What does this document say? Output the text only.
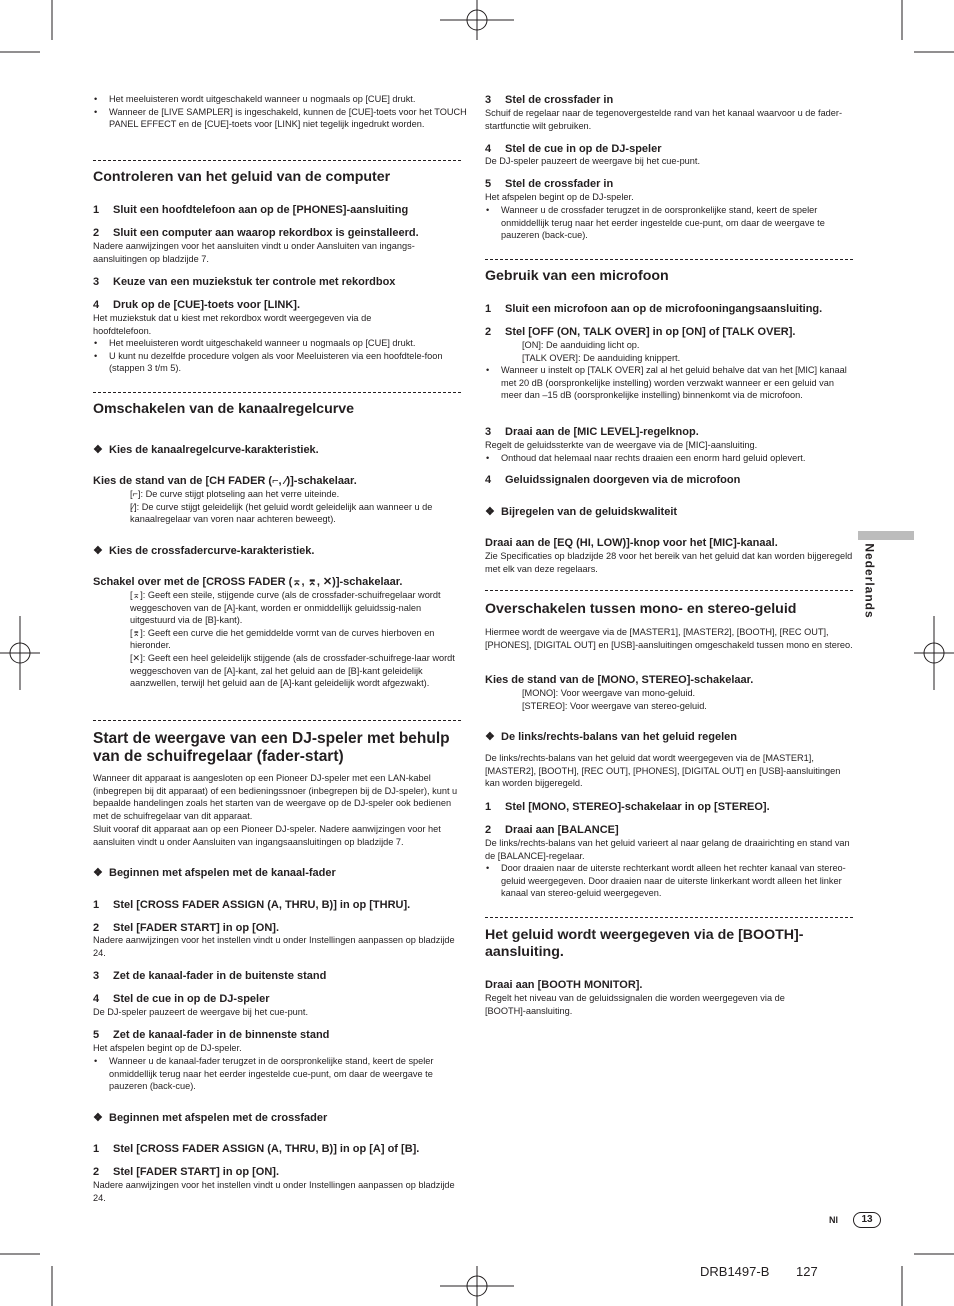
• Het meeluisteren wordt uitgeschakeld wanneer u nogmaals op [CUE] drukt.
• Wanneer de [LIVE SAMPLER] is ingeschakeld, kunnen de [CUE]-toets voor het TOUCH PANEL EFFECT en de [CUE]-toets voor [LINK] niet tegelijk ingedrukt worden.
Controleren van het geluid van de computer
1 Sluit een hoofdtelefoon aan op de [PHONES]-aansluiting
2 Sluit een computer aan waarop rekordbox is geinstalleerd.
Nadere aanwijzingen voor het aansluiten vindt u onder Aansluiten van ingangs-aansluitingen op bladzijde 7.
3 Keuze van een muziekstuk ter controle met rekordbox
4 Druk op de [CUE]-toets voor [LINK].
Het muziekstuk dat u kiest met rekordbox wordt weergegeven via de hoofdtelefoon.
• Het meeluisteren wordt uitgeschakeld wanneer u nogmaals op [CUE] drukt.
• U kunt nu dezelfde procedure volgen als voor Meeluisteren via een hoofdtele-foon (stappen 3 t/m 5).
Omschakelen van de kanaalregelcurve
❖ Kies de kanaalregelcurve-karakteristiek.
Kies de stand van de [CH FADER (⌐, ⁄)]-schakelaar.
[⌐]: De curve stijgt plotseling aan het verre uiteinde.
[⁄]: De curve stijgt geleidelijk (het geluid wordt geleidelijk aan wanneer u de kanaalregelaar van voren naar achteren beweegt).
❖ Kies de crossfadercurve-karakteristiek.
Schakel over met de [CROSS FADER (⌅, ⌆, ✕)]-schakelaar.
[⌅]: Geeft een steile, stijgende curve (als de crossfader-schuifregelaar wordt weggeschoven van de [A]-kant, worden er onmiddellijk geluidssig-nalen uitgestuurd via de [B]-kant).
[⌆]: Geeft een curve die het gemiddelde vormt van de curves hierboven en hieronder.
[✕]: Geeft een heel geleidelijk stijgende (als de crossfader-schuifrege-laar wordt weggeschoven van de [A]-kant, zal het geluid aan de [B]-kant geleidelijk aanzwellen, terwijl het geluid aan de [A]-kant geleidelijk wordt afgezwakt).
Start de weergave van een DJ-speler met behulp van de schuifregelaar (fader-start)
Wanneer dit apparaat is aangesloten op een Pioneer DJ-speler met een LAN-kabel (inbegrepen bij dit apparaat) of een bedieningssnoer (inbegrepen bij de DJ-speler), kunt u bepaalde handelingen zoals het starten van de weergave op de DJ-speler ook bedienen met de schuifregelaar van dit apparaat.
Sluit vooraf dit apparaat aan op een Pioneer DJ-speler. Nadere aanwijzingen voor het aansluiten vindt u onder Aansluiten van ingangsaansluitingen op bladzijde 7.
❖ Beginnen met afspelen met de kanaal-fader
1 Stel [CROSS FADER ASSIGN (A, THRU, B)] in op [THRU].
2 Stel [FADER START] in op [ON].
Nadere aanwijzingen voor het instellen vindt u onder Instellingen aanpassen op bladzijde 24.
3 Zet de kanaal-fader in de buitenste stand
4 Stel de cue in op de DJ-speler
De DJ-speler pauzeert de weergave bij het cue-punt.
5 Zet de kanaal-fader in de binnenste stand
Het afspelen begint op de DJ-speler.
• Wanneer u de kanaal-fader terugzet in de oorspronkelijke stand, keert de speler onmiddellijk terug naar het eerder ingestelde cue-punt, om daar de weergave te pauzeren (back-cue).
❖ Beginnen met afspelen met de crossfader
1 Stel [CROSS FADER ASSIGN (A, THRU, B)] in op [A] of [B].
2 Stel [FADER START] in op [ON].
Nadere aanwijzingen voor het instellen vindt u onder Instellingen aanpassen op bladzijde 24.
3 Stel de crossfader in
Schuif de regelaar naar de tegenovergestelde rand van het kanaal waarvoor u de fader-startfunctie wilt gebruiken.
4 Stel de cue in op de DJ-speler
De DJ-speler pauzeert de weergave bij het cue-punt.
5 Stel de crossfader in
Het afspelen begint op de DJ-speler.
• Wanneer u de crossfader terugzet in de oorspronkelijke stand, keert de speler onmiddellijk terug naar het eerder ingestelde cue-punt, om daar de weergave te pauzeren (back-cue).
Gebruik van een microfoon
1 Sluit een microfoon aan op de microfooningangsaansluiting.
2 Stel [OFF (ON, TALK OVER] in op [ON] of [TALK OVER].
[ON]: De aanduiding licht op.
[TALK OVER]: De aanduiding knippert.
• Wanneer u instelt op [TALK OVER] zal al het geluid behalve dat van het [MIC] kanaal met 20 dB (oorspronkelijke instelling) worden verzwakt wanneer er een geluid van meer dan –15 dB (oorspronkelijke instelling) binnenkomt via de microfoon.
3 Draai aan de [MIC LEVEL]-regelknop.
Regelt de geluidssterkte van de weergave via de [MIC]-aansluiting.
• Onthoud dat helemaal naar rechts draaien een enorm hard geluid oplevert.
4 Geluidssignalen doorgeven via de microfoon
❖ Bijregelen van de geluidskwaliteit
Draai aan de [EQ (HI, LOW)]-knop voor het [MIC]-kanaal.
Zie Specificaties op bladzijde 28 voor het bereik van het geluid dat kan worden bijgeregeld met elk van deze regelaars.
Overschakelen tussen mono- en stereo-geluid
Hiermee wordt de weergave via de [MASTER1], [MASTER2], [BOOTH], [REC OUT], [PHONES], [DIGITAL OUT] en [USB]-aansluitingen omgeschakeld tussen mono en stereo.
Kies de stand van de [MONO, STEREO]-schakelaar.
[MONO]: Voor weergave van mono-geluid.
[STEREO]: Voor weergave van stereo-geluid.
❖ De links/rechts-balans van het geluid regelen
De links/rechts-balans van het geluid dat wordt weergegeven via de [MASTER1], [MASTER2], [BOOTH], [REC OUT], [PHONES], [DIGITAL OUT] en [USB]-aansluitingen kan worden bijgeregeld.
1 Stel [MONO, STEREO]-schakelaar in op [STEREO].
2 Draai aan [BALANCE]
De links/rechts-balans van het geluid varieert al naar gelang de draairichting en stand van de [BALANCE]-regelaar.
• Door draaien naar de uiterste rechterkant wordt alleen het rechter kanaal van stereo-geluid weergegeven. Door draaien naar de uiterste linkerkant wordt alleen het linker kanaal van stereo-geluid weergegeven.
Het geluid wordt weergegeven via de [BOOTH]-aansluiting.
Draai aan [BOOTH MONITOR].
Regelt het niveau van de geluidssignalen die worden weergegeven via de [BOOTH]-aansluiting.
Nederlands
Nl	13
DRB1497-B 127
